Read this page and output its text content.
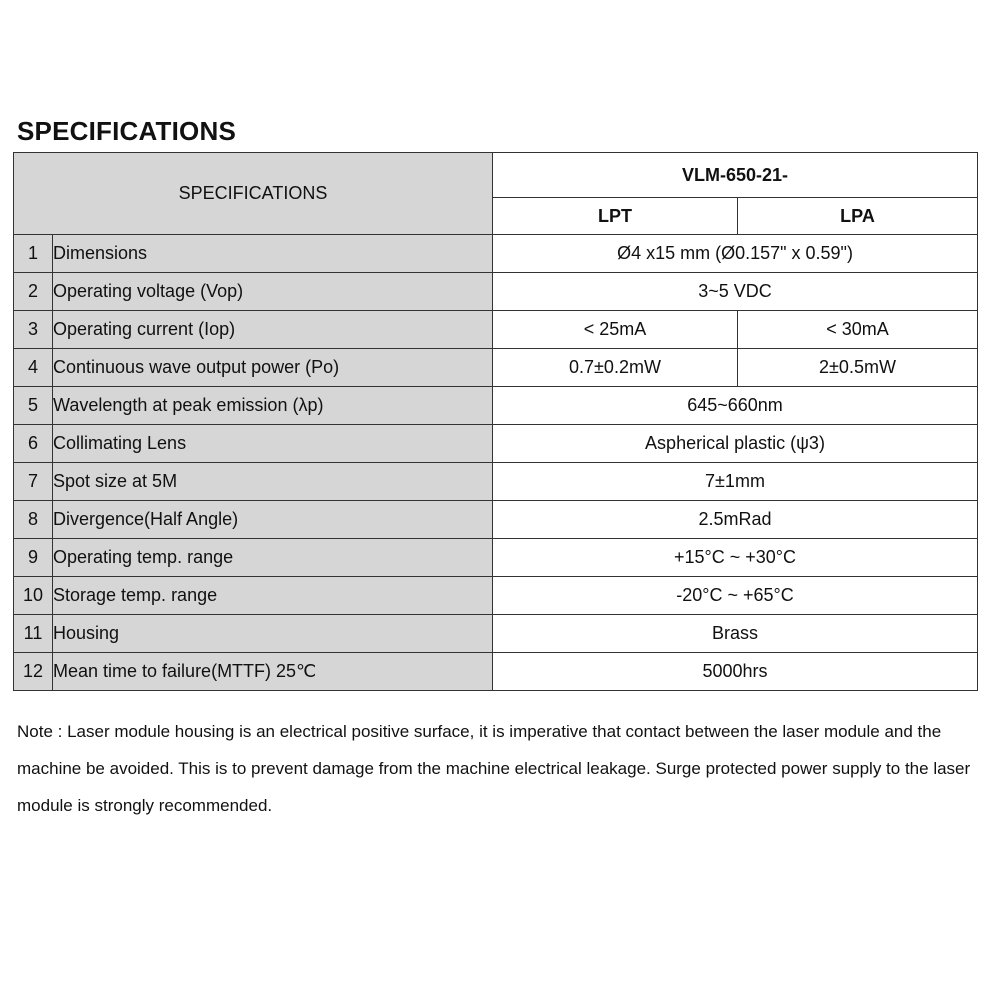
SPECIFICATIONS
SPECIFICATIONS		VLM-650-21-	
		LPT	LPA
1	Dimensions	Ø4 x15 mm (Ø0.157" x 0.59")	
2	Operating voltage (Vop)	3~5 VDC	
3	Operating current (Iop)	< 25mA	< 30mA
4	Continuous wave output power (Po)	0.7±0.2mW	2±0.5mW
5	Wavelength at peak emission (λp)	645~660nm	
6	Collimating Lens	Aspherical plastic (ψ3)	
7	Spot size at 5M	7±1mm	
8	Divergence(Half Angle)	2.5mRad	
9	Operating temp. range	+15°C ~ +30°C	
10	Storage temp. range	-20°C ~ +65°C	
11	Housing	Brass	
12	Mean time to failure(MTTF) 25℃	5000hrs	
Note : Laser module housing is an electrical positive surface, it is imperative that contact between the laser module and the machine be avoided. This is to prevent damage from the machine electrical leakage. Surge protected power supply to the laser module is strongly recommended.
